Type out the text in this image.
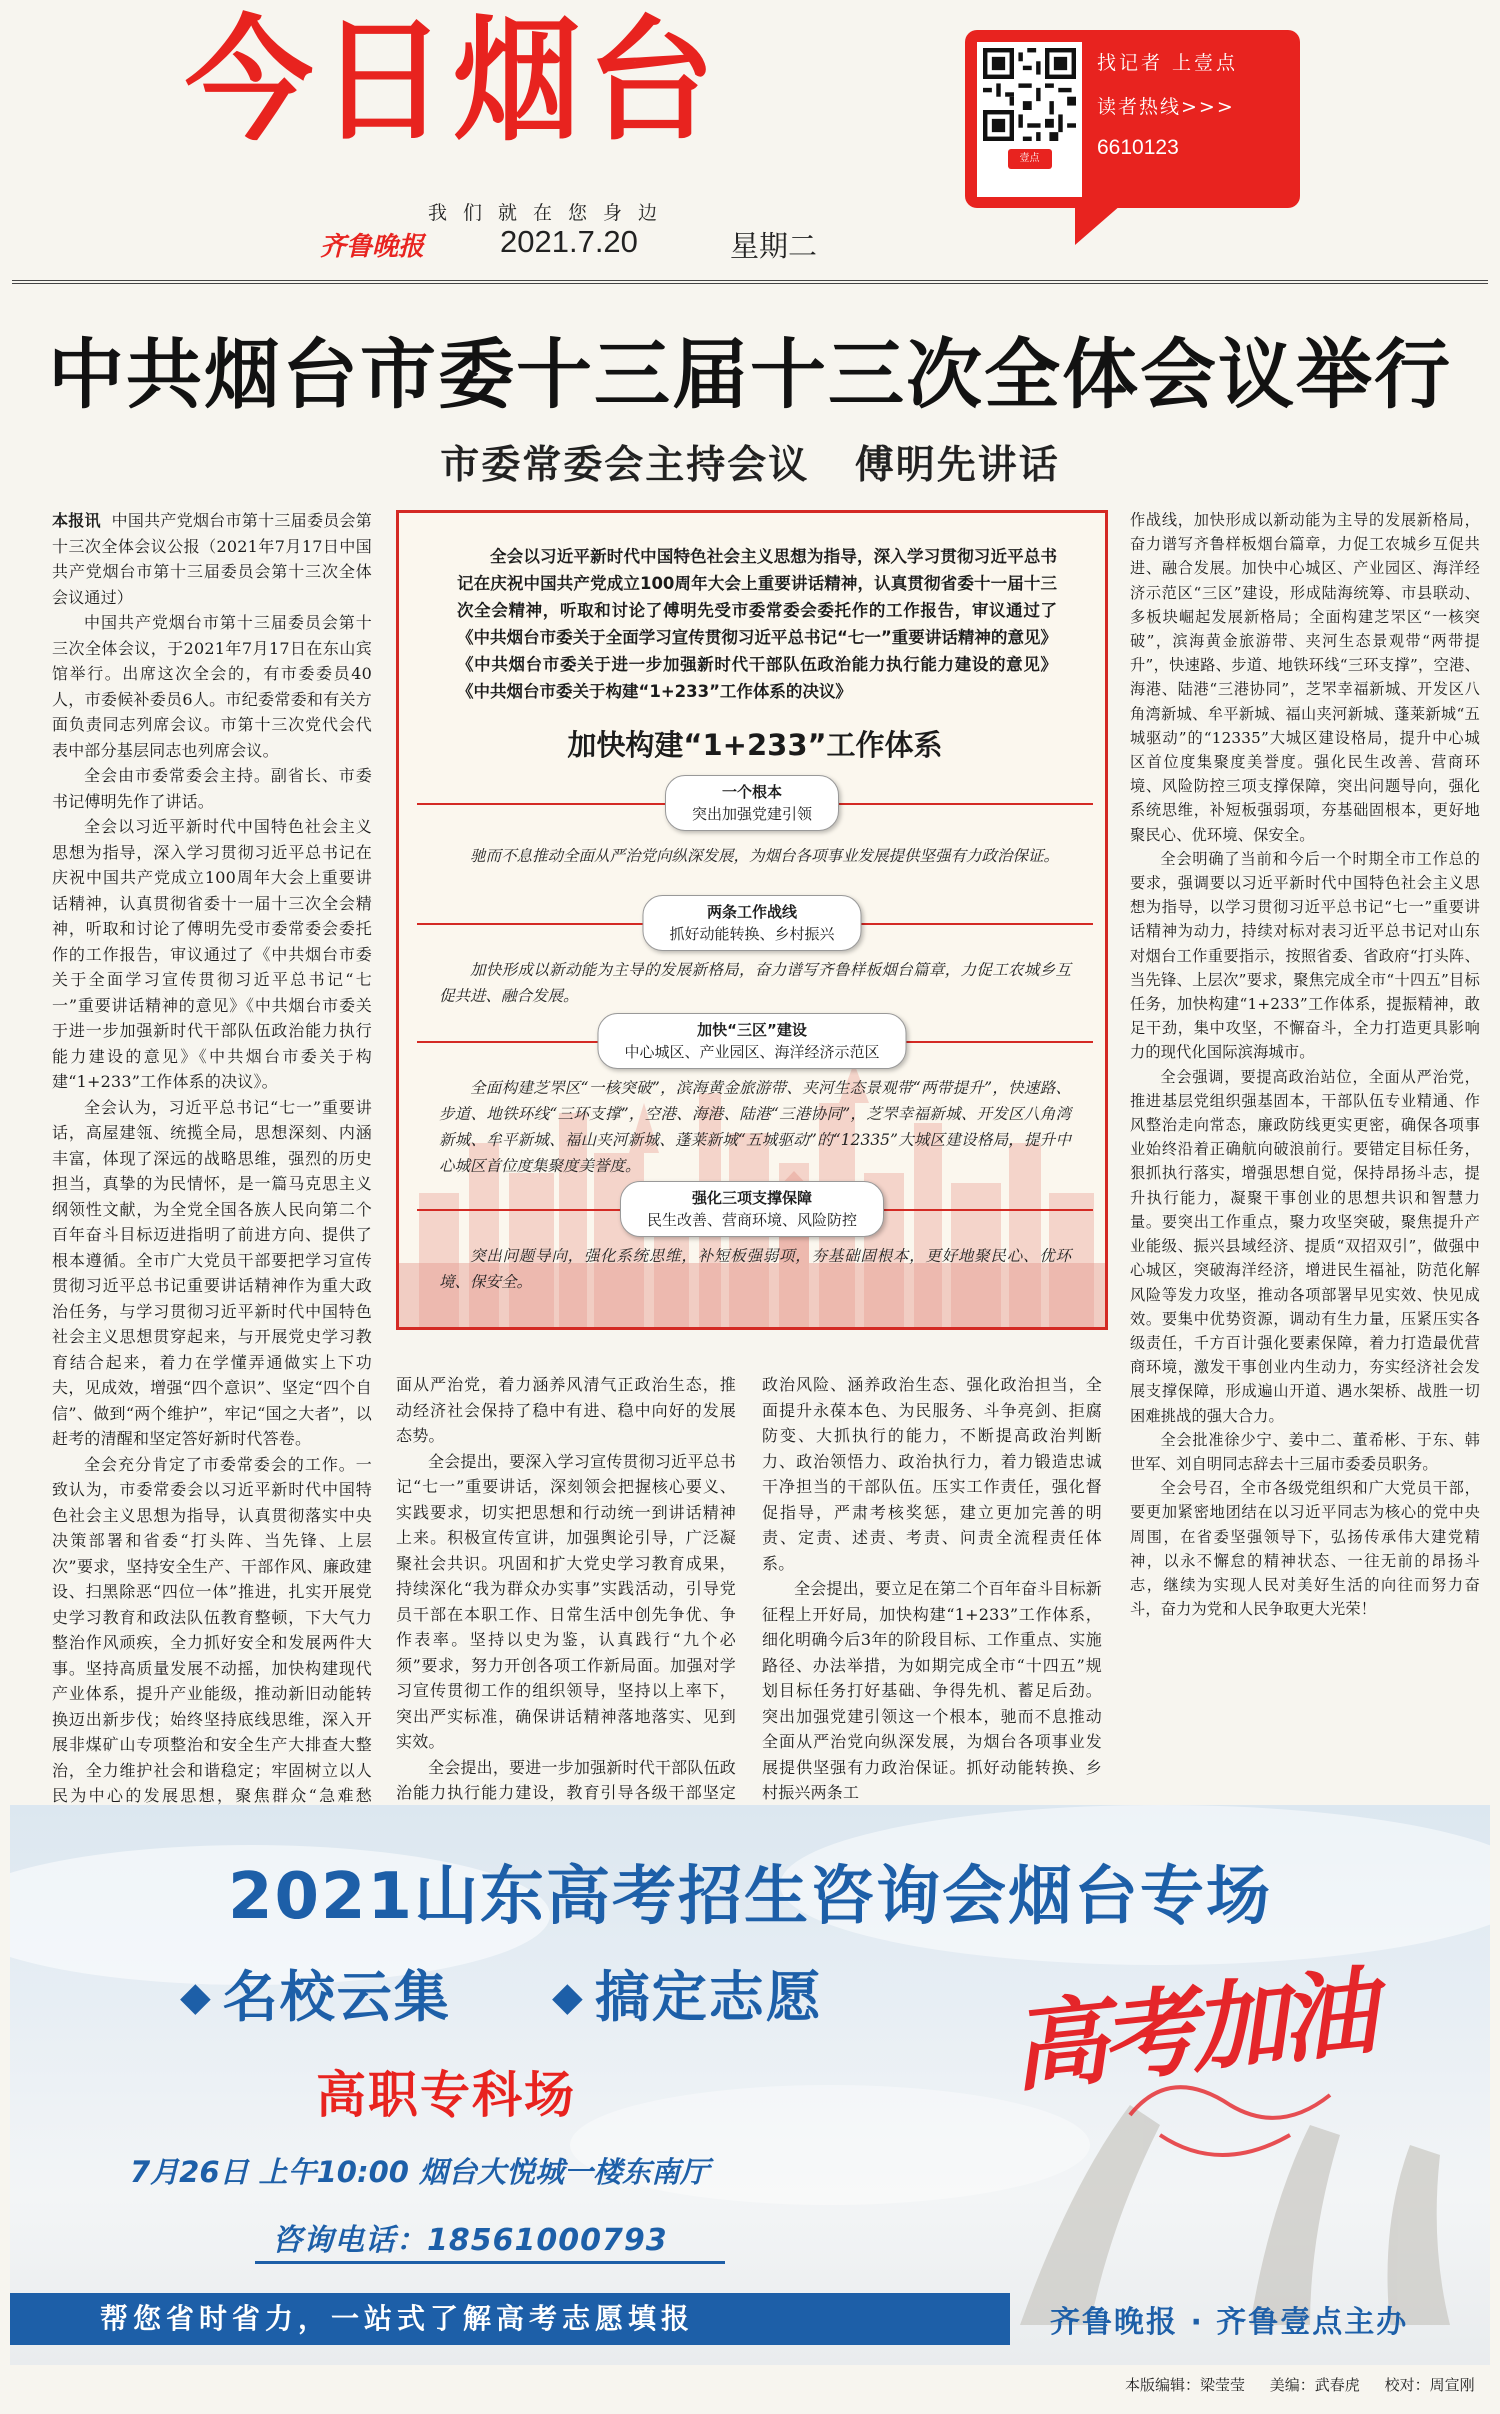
今日烟台
我们就在您身边
齐鲁晚报 2021.7.20	星期二
壹点
找记者 上壹点
读者热线>>>
6610123
中共烟台市委十三届十三次全体会议举行
市委常委会主持会议 傅明先讲话

本报讯 中国共产党烟台市第十三届委员会第十三次全体会议公报（2021年7月17日中国共产党烟台市第十三届委员会第十三次全体会议通过）

中国共产党烟台市第十三届委员会第十三次全体会议，于2021年7月17日在东山宾馆举行。出席这次全会的，有市委委员40人，市委候补委员6人。市纪委常委和有关方面负责同志列席会议。市第十三次党代会代表中部分基层同志也列席会议。

全会由市委常委会主持。副省长、市委书记傅明先作了讲话。

全会以习近平新时代中国特色社会主义思想为指导，深入学习贯彻习近平总书记在庆祝中国共产党成立100周年大会上重要讲话精神，认真贯彻省委十一届十三次全会精神，听取和讨论了傅明先受市委常委会委托作的工作报告，审议通过了《中共烟台市委关于全面学习宣传贯彻习近平总书记“七一”重要讲话精神的意见》《中共烟台市委关于进一步加强新时代干部队伍政治能力执行能力建设的意见》《中共烟台市委关于构建“1+233”工作体系的决议》。

全会认为，习近平总书记“七一”重要讲话，高屋建瓴、统揽全局，思想深刻、内涵丰富，体现了深远的战略思维，强烈的历史担当，真挚的为民情怀，是一篇马克思主义纲领性文献，为全党全国各族人民向第二个百年奋斗目标迈进指明了前进方向、提供了根本遵循。全市广大党员干部要把学习宣传贯彻习近平总书记重要讲话精神作为重大政治任务，与学习贯彻习近平新时代中国特色社会主义思想贯穿起来，与开展党史学习教育结合起来，着力在学懂弄通做实上下功夫，见成效，增强“四个意识”、坚定“四个自信”、做到“两个维护”，牢记“国之大者”，以赶考的清醒和坚定答好新时代答卷。

全会充分肯定了市委常委会的工作。一致认为，市委常委会以习近平新时代中国特色社会主义思想为指导，认真贯彻落实中央决策部署和省委“打头阵、当先锋、上层次”要求，坚持安全生产、干部作风、廉政建设、扫黑除恶“四位一体”推进，扎实开展党史学习教育和政法队伍教育整顿，下大气力整治作风顽疾，全力抓好安全和发展两件大事。坚持高质量发展不动摇，加快构建现代产业体系，提升产业能级，推动新旧动能转换迈出新步伐；始终坚持底线思维，深入开展非煤矿山专项整治和安全生产大排查大整治，全力维护社会和谐稳定；牢固树立以人民为中心的发展思想，聚焦群众“急难愁

全会以习近平新时代中国特色社会主义思想为指导，深入学习贯彻习近平总书记在庆祝中国共产党成立100周年大会上重要讲话精神，认真贯彻省委十一届十三次全会精神，听取和讨论了傅明先受市委常委会委托作的工作报告，审议通过了《中共烟台市委关于全面学习宣传贯彻习近平总书记“七一”重要讲话精神的意见》《中共烟台市委关于进一步加强新时代干部队伍政治能力执行能力建设的意见》《中共烟台市委关于构建“1+233”工作体系的决议》
加快构建“1+233”工作体系
一个根本
突出加强党建引领
驰而不息推动全面从严治党向纵深发展，为烟台各项事业发展提供坚强有力政治保证。
两条工作战线
抓好动能转换、乡村振兴
加快形成以新动能为主导的发展新格局，奋力谱写齐鲁样板烟台篇章，力促工农城乡互促共进、融合发展。
加快“三区”建设
中心城区、产业园区、海洋经济示范区
全面构建芝罘区“一核突破”，滨海黄金旅游带、夹河生态景观带“两带提升”，快速路、步道、地铁环线“三环支撑”，空港、海港、陆港“三港协同”，芝罘幸福新城、开发区八角湾新城、牟平新城、福山夹河新城、蓬莱新城“五城驱动”的“12335”大城区建设格局，提升中心城区首位度集聚度美誉度。
强化三项支撑保障
民生改善、营商环境、风险防控
突出问题导向，强化系统思维，补短板强弱项，夯基础固根本，更好地聚民心、优环境、保安全。

面从严治党，着力涵养风清气正政治生态，推动经济社会保持了稳中有进、稳中向好的发展态势。

全会提出，要深入学习宣传贯彻习近平总书记“七一”重要讲话，深刻领会把握核心要义、实践要求，切实把思想和行动统一到讲话精神上来。积极宣传宣讲，加强舆论引导，广泛凝聚社会共识。巩固和扩大党史学习教育成果，持续深化“我为群众办实事”实践活动，引导党员干部在本职工作、日常生活中创先争优、争作表率。坚持以史为鉴，认真践行“九个必须”要求，努力开创各项工作新局面。加强对学习宣传贯彻工作的组织领导，坚持以上率下，突出严实标准，确保讲话精神落地落实、见到实效。

全会提出，要进一步加强新时代干部队伍政治能力执行能力建设，教育引导各级干部坚定

政治风险、涵养政治生态、强化政治担当，全面提升永葆本色、为民服务、斗争亮剑、拒腐防变、大抓执行的能力，不断提高政治判断力、政治领悟力、政治执行力，着力锻造忠诚干净担当的干部队伍。压实工作责任，强化督促指导，严肃考核奖惩，建立更加完善的明责、定责、述责、考责、问责全流程责任体系。

全会提出，要立足在第二个百年奋斗目标新征程上开好局，加快构建“1+233”工作体系，细化明确今后3年的阶段目标、工作重点、实施路径、办法举措，为如期完成全市“十四五”规划目标任务打好基础、争得先机、蓄足后劲。突出加强党建引领这一个根本，驰而不息推动全面从严治党向纵深发展，为烟台各项事业发展提供坚强有力政治保证。抓好动能转换、乡村振兴两条工

作战线，加快形成以新动能为主导的发展新格局，奋力谱写齐鲁样板烟台篇章，力促工农城乡互促共进、融合发展。加快中心城区、产业园区、海洋经济示范区“三区”建设，形成陆海统筹、市县联动、多板块崛起发展新格局；全面构建芝罘区“一核突破”，滨海黄金旅游带、夹河生态景观带“两带提升”，快速路、步道、地铁环线“三环支撑”，空港、海港、陆港“三港协同”，芝罘幸福新城、开发区八角湾新城、牟平新城、福山夹河新城、蓬莱新城“五城驱动”的“12335”大城区建设格局，提升中心城区首位度集聚度美誉度。强化民生改善、营商环境、风险防控三项支撑保障，突出问题导向，强化系统思维，补短板强弱项，夯基础固根本，更好地聚民心、优环境、保安全。

全会明确了当前和今后一个时期全市工作总的要求，强调要以习近平新时代中国特色社会主义思想为指导，以学习贯彻习近平总书记“七一”重要讲话精神为动力，持续对标对表习近平总书记对山东对烟台工作重要指示，按照省委、省政府“打头阵、当先锋、上层次”要求，聚焦完成全市“十四五”目标任务，加快构建“1+233”工作体系，提振精神，敢足干劲，集中攻坚，不懈奋斗，全力打造更具影响力的现代化国际滨海城市。

全会强调，要提高政治站位，全面从严治党，推进基层党组织强基固本，干部队伍专业精通、作风整治走向常态，廉政防线更实更密，确保各项事业始终沿着正确航向破浪前行。要错定目标任务，狠抓执行落实，增强思想自觉，保持昂扬斗志，提升执行能力，凝聚干事创业的思想共识和智慧力量。要突出工作重点，聚力攻坚突破，聚焦提升产业能级、振兴县域经济、提质“双招双引”，做强中心城区，突破海洋经济，增进民生福祉，防范化解风险等发力攻坚，推动各项部署早见实效、快见成效。要集中优势资源，调动有生力量，压紧压实各级责任，千方百计强化要素保障，着力打造最优营商环境，激发干事创业内生动力，夯实经济社会发展支撑保障，形成遍山开道、遇水架桥、战胜一切困难挑战的强大合力。

全会批准徐少宁、姜中二、董希彬、于东、韩世军、刘自明同志辞去十三届市委委员职务。

全会号召，全市各级党组织和广大党员干部，要更加紧密地团结在以习近平同志为核心的党中央周围，在省委坚强领导下，弘扬传承伟大建党精神，以永不懈怠的精神状态、一往无前的昂扬斗志，继续为实现人民对美好生活的向往而努力奋斗，奋力为党和人民争取更大光荣！

2021山东高考招生咨询会烟台专场
◆ 名校云集	◆ 搞定志愿
高职专科场
7月26日 上午10:00 烟台大悦城一楼东南厅
咨询电话：18561000793
高考加油
帮您省时省力，一站式了解高考志愿填报	齐鲁晚报 · 齐鲁壹点主办
本版编辑：梁莹莹 美编：武春虎 校对：周宣刚
